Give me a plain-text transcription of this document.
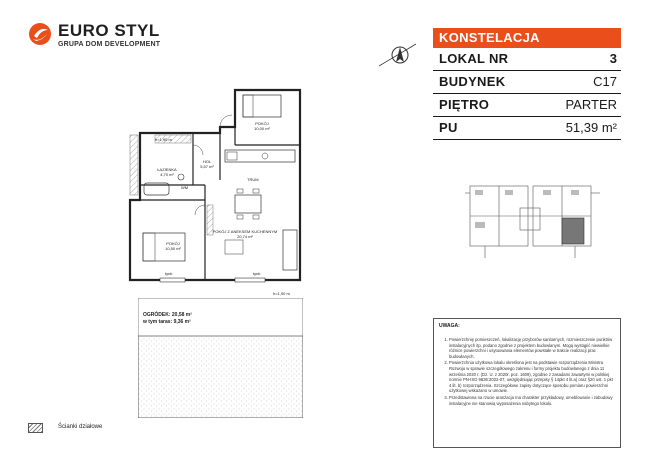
EURO STYL
GRUPA DOM DEVELOPMENT	KONSTELACJA
LOKAL NR	3
BUDYNEK	C17
PIĘTRO	PARTER
PU	51,39 m²
POKÓJ
10,00 m²
HOL
5,57 m²
ŁAZIENKA
4,70 m²
POKÓJ
10,50 m²
POKÓJ Z ANEKSEM KUCHENNYM
20,74 m²
h=1,90 m
h=1,90 m
WM
TRUM
tynk
tynk
OGRÓDEK: 20,58 m²
w tym taras: 9,36 m²
UWAGA:
1. Powierzchnię pomieszczeń, lokalizację przyborów sanitarnych, rozmieszczenie punktów instalacyjnych itp. podano zgodnie z projektem budowlanym. Mogą wystąpić niewielkie różnice powierzchni i usytuowania elementów powstałe w trakcie realizacji prac budowlanych.
2. Powierzchnia użytkowa lokalu określona jest na podstawie rozporządzenia Ministra Rozwoju w sprawie szczegółowego zakresu i formy projektu budowlanego z dnia 11 września 2020 r. (Dz. U. z 2020r. poz. 1609), zgodnie z zasadami zawartymi w polskiej normie PN-ISO 9836:2022-07, uwzględniając przepisy § 14pkt 4 lit.a) oraz §20 ust. 1 pkt 4 lit. b) rozporządzenia. Szczegółowe zapisy dotyczące sposobu pomiaru powierzchni użytkowej wskazano w umowie.
3. Przedstawiona na rzucie aranżacja ma charakter przykładowy, umeblowanie i zabudowy instalacyjne nie stanowią wyposażenia nabytego lokalu.
Ścianki działowe
